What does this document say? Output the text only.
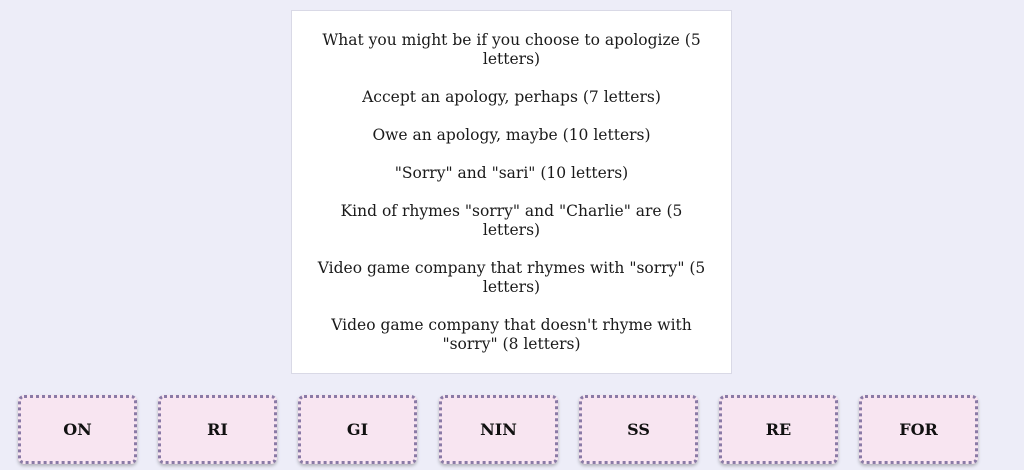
What you might be if you choose to apologize (5 letters)
Accept an apology, perhaps (7 letters)
Owe an apology, maybe (10 letters)
"Sorry" and "sari" (10 letters)
Kind of rhymes "sorry" and "Charlie" are (5 letters)
Video game company that rhymes with "sorry" (5 letters)
Video game company that doesn't rhyme with "sorry" (8 letters)
ON	RI	GI	NIN	SS	RE	FOR
